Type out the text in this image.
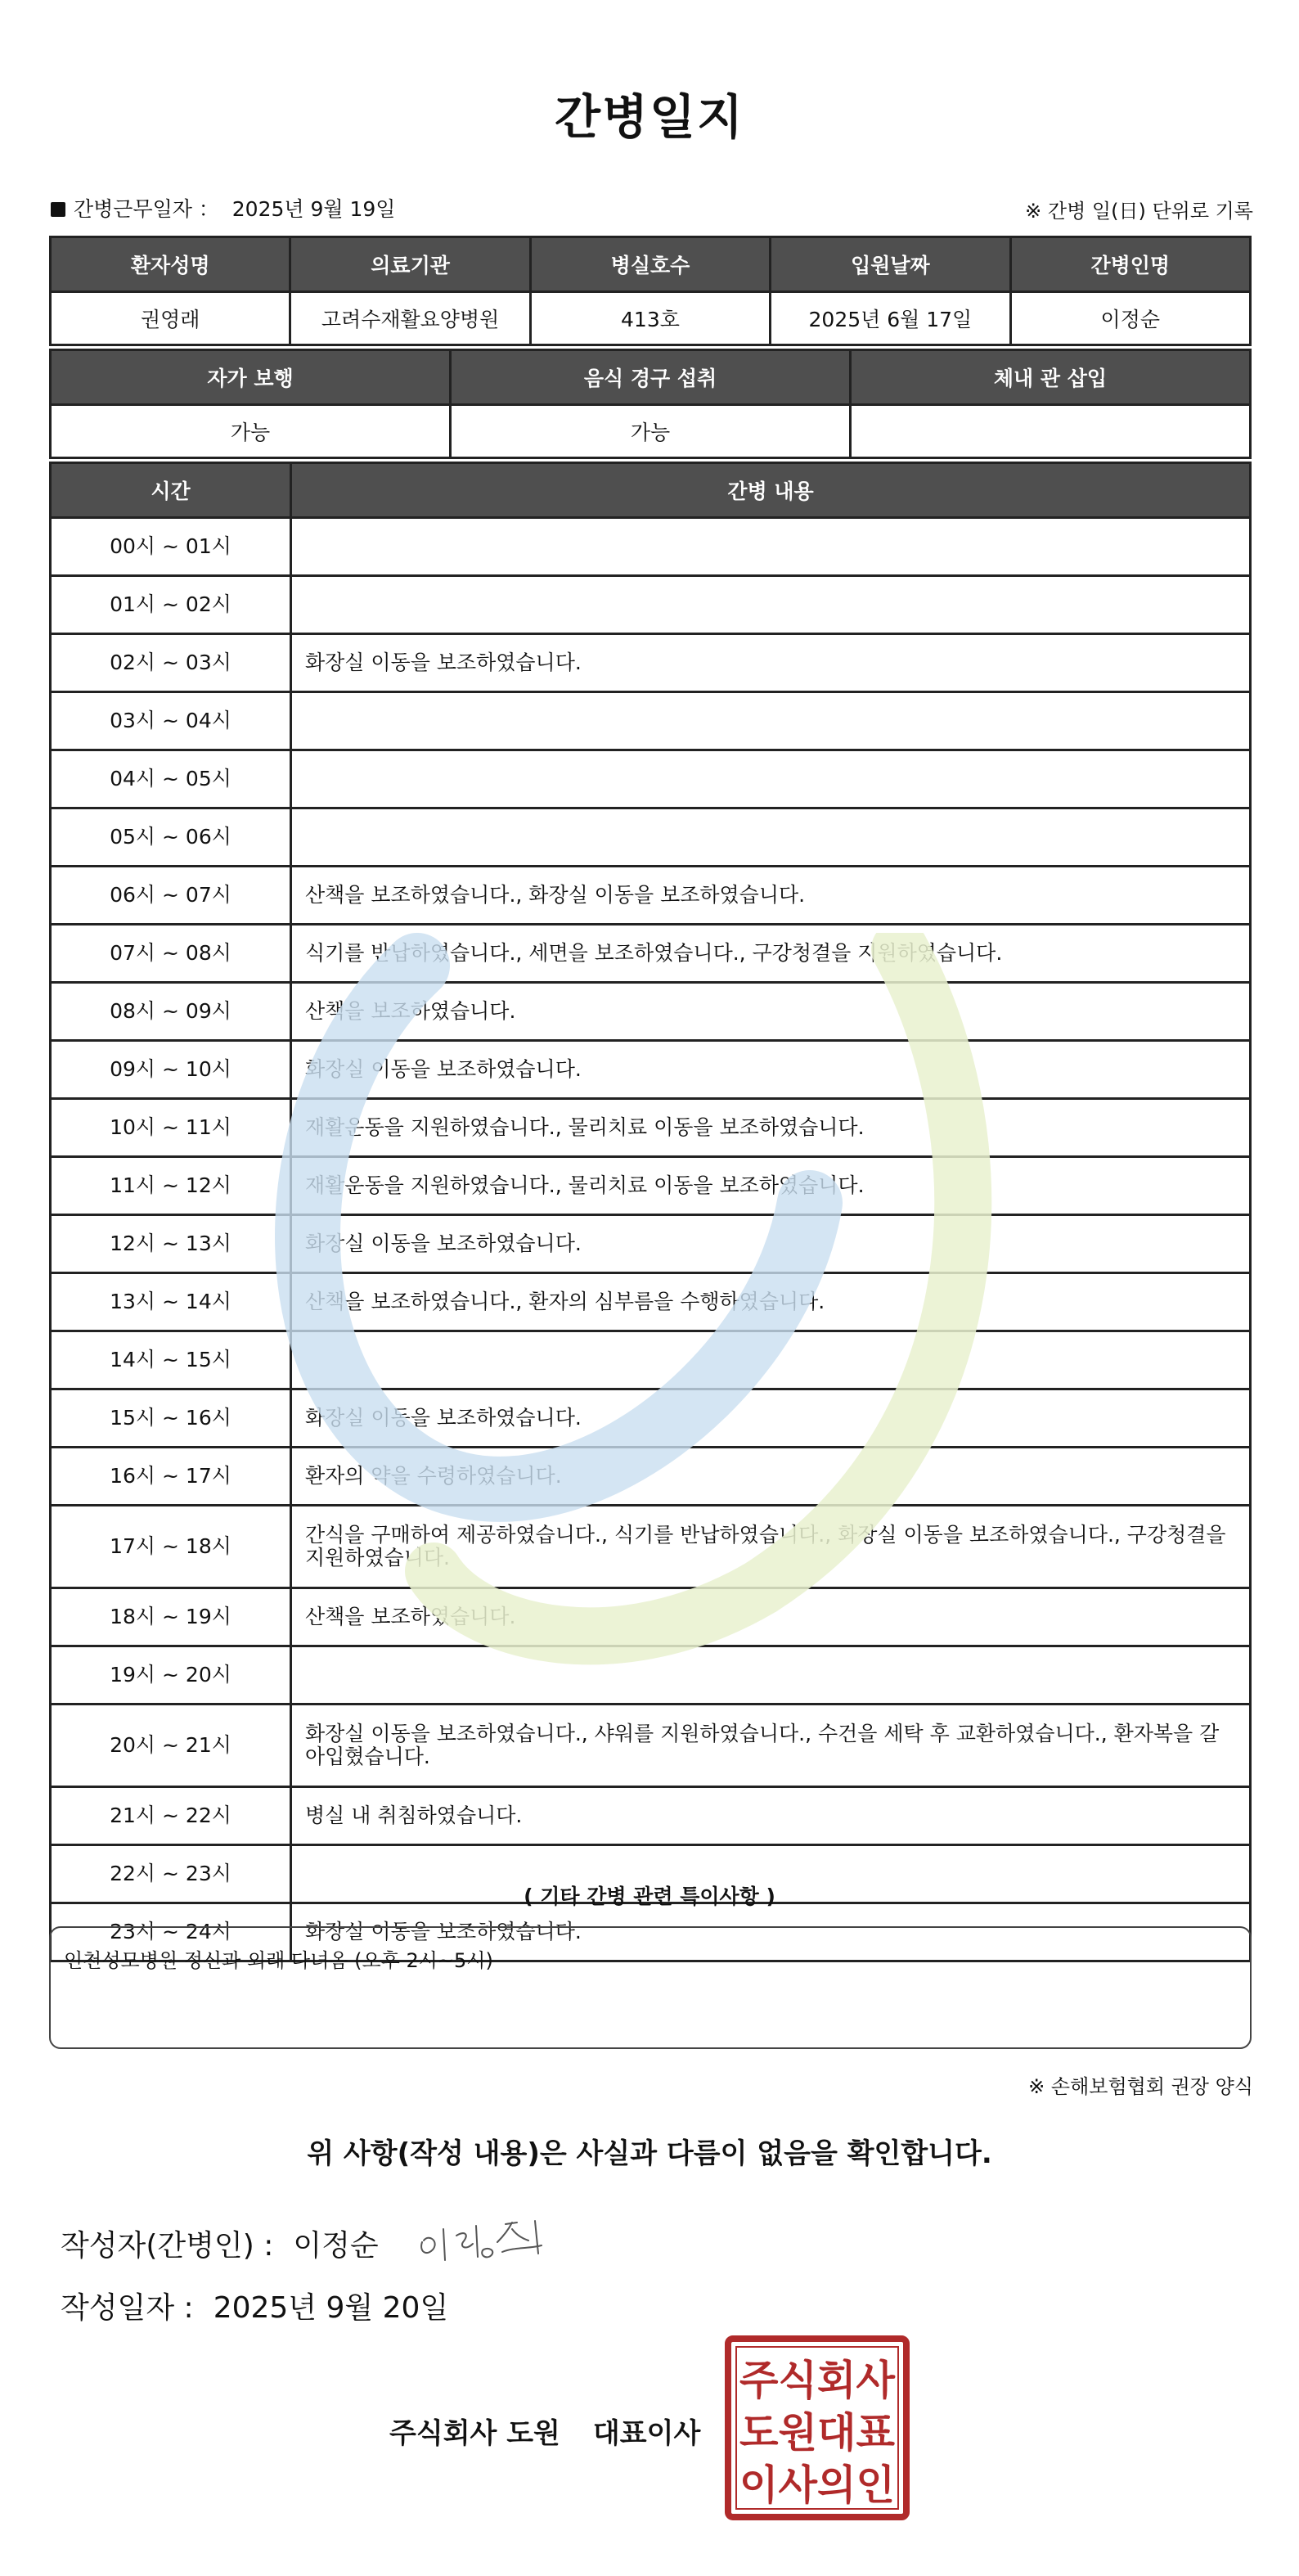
간병일지
간병근무일자 ： 2025년 9월 19일	※ 간병 일(日) 단위로 기록
환자성명	의료기관	병실호수	입원날짜	간병인명
권영래	고려수재활요양병원	413호	2025년 6월 17일	이정순
자가 보행	음식 경구 섭취	체내 관 삽입
가능	가능	
시간	간병 내용
00시 ~ 01시	
01시 ~ 02시	
02시 ~ 03시	화장실 이동을 보조하였습니다.
03시 ~ 04시	
04시 ~ 05시	
05시 ~ 06시	
06시 ~ 07시	산책을 보조하였습니다., 화장실 이동을 보조하였습니다.
07시 ~ 08시	식기를 반납하였습니다., 세면을 보조하였습니다., 구강청결을 지원하였습니다.
08시 ~ 09시	산책을 보조하였습니다.
09시 ~ 10시	화장실 이동을 보조하였습니다.
10시 ~ 11시	재활운동을 지원하였습니다., 물리치료 이동을 보조하였습니다.
11시 ~ 12시	재활운동을 지원하였습니다., 물리치료 이동을 보조하였습니다.
12시 ~ 13시	화장실 이동을 보조하였습니다.
13시 ~ 14시	산책을 보조하였습니다., 환자의 심부름을 수행하였습니다.
14시 ~ 15시	
15시 ~ 16시	화장실 이동을 보조하였습니다.
16시 ~ 17시	환자의 약을 수령하였습니다.
17시 ~ 18시	간식을 구매하여 제공하였습니다., 식기를 반납하였습니다., 화장실 이동을 보조하였습니다., 구강청결을 지원하였습니다.
18시 ~ 19시	산책을 보조하였습니다.
19시 ~ 20시	
20시 ~ 21시	화장실 이동을 보조하였습니다., 샤워를 지원하였습니다., 수건을 세탁 후 교환하였습니다., 환자복을 갈아입혔습니다.
21시 ~ 22시	병실 내 취침하였습니다.
22시 ~ 23시	
23시 ~ 24시	화장실 이동을 보조하였습니다.
( 기타 간병 관련 특이사항 )
인천성모병원 정신과 외래 다녀옴 (오후 2시~5시)
※ 손해보험협회 권장 양식
위 사항(작성 내용)은 사실과 다름이 없음을 확인합니다.
작성자(간병인) : 이정순
작성일자 : 2025년 9월 20일
주식회사 도원 대표이사
주식회사
도원대표
이사의인
